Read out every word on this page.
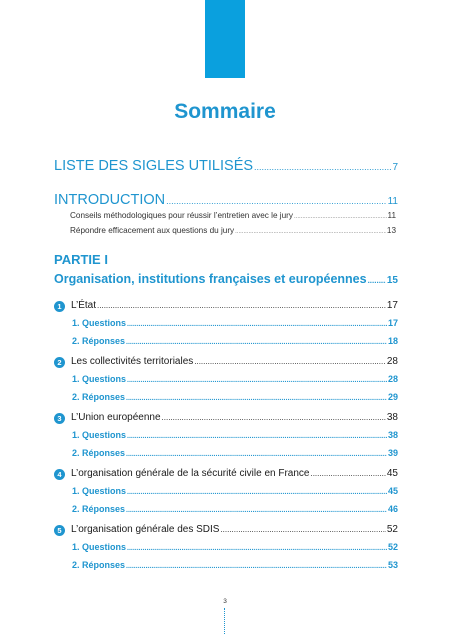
Sommaire
LISTE DES SIGLES UTILISÉS .....	7
INTRODUCTION .....	11
Conseils méthodologiques pour réussir l’entretien avec le jury .....	11
Répondre efficacement aux questions du jury .....	13
PARTIE I
Organisation, institutions françaises et européennes ..... 15
1 L’État .....	17
1. Questions .....	17
2. Réponses .....	18
2 Les collectivités territoriales .....	28
1. Questions .....	28
2. Réponses .....	29
3 L’Union européenne .....	38
1. Questions .....	38
2. Réponses .....	39
4 L’organisation générale de la sécurité civile en France .....	45
1. Questions .....	45
2. Réponses .....	46
5 L’organisation générale des SDIS .....	52
1. Questions .....	52
2. Réponses .....	53
3
